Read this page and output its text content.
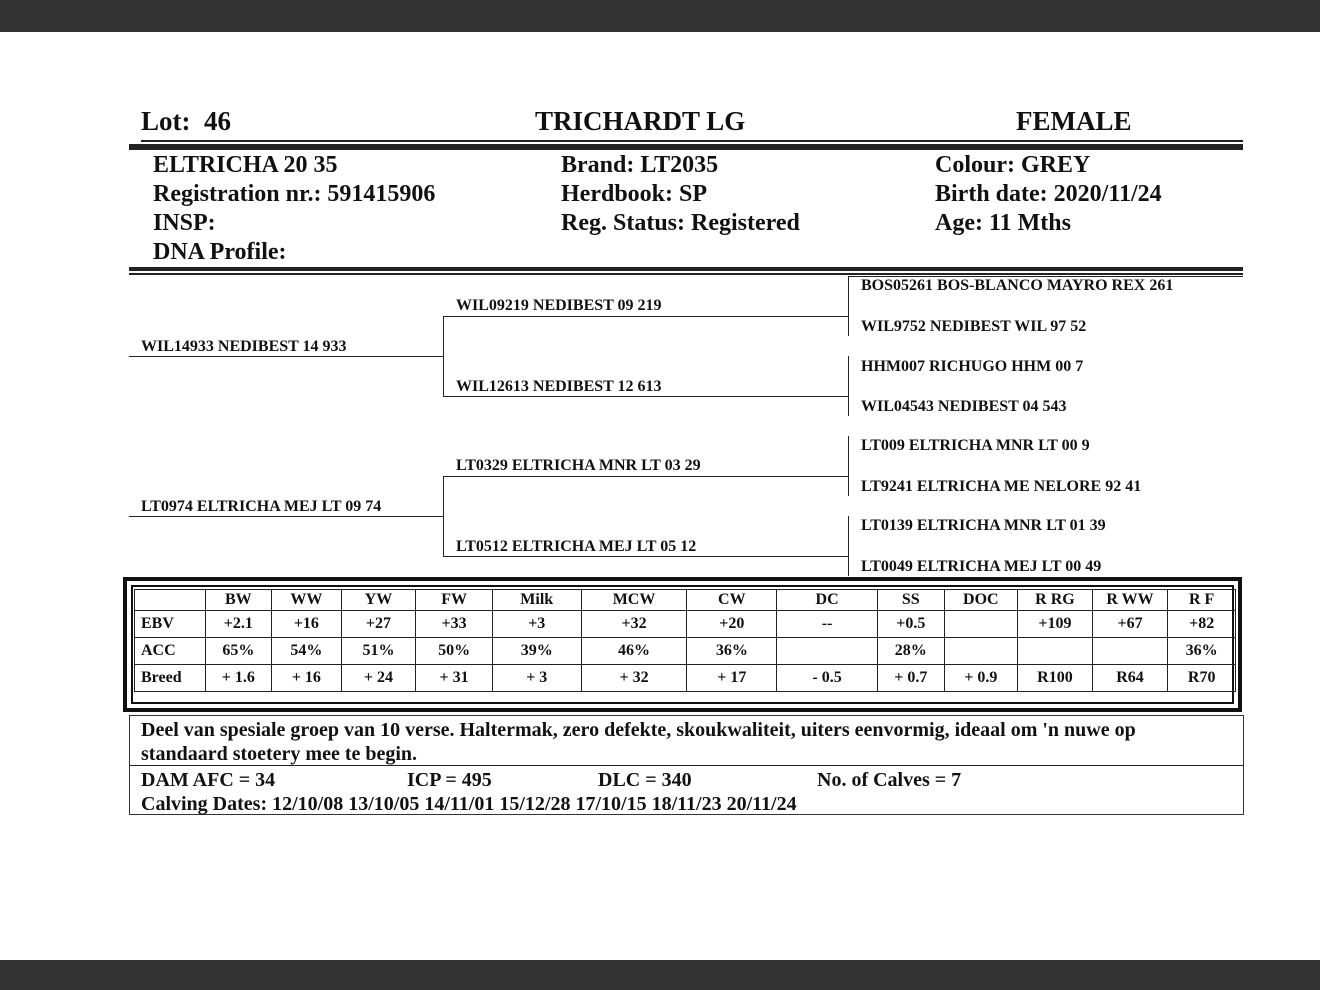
Lot: 46	TRICHARDT LG	FEMALE
ELTRICHA 20 35
Registration nr.: 591415906
INSP:
DNA Profile:
Brand: LT2035
Herdbook: SP
Reg. Status: Registered
Colour: GREY
Birth date: 2020/11/24
Age: 11 Mths
WIL14933 NEDIBEST 14 933
LT0974 ELTRICHA MEJ LT 09 74
WIL09219 NEDIBEST 09 219
WIL12613 NEDIBEST 12 613
LT0329 ELTRICHA MNR LT 03 29
LT0512 ELTRICHA MEJ LT 05 12
BOS05261 BOS-BLANCO MAYRO REX 261
WIL9752 NEDIBEST WIL 97 52
HHM007 RICHUGO HHM 00 7
WIL04543 NEDIBEST 04 543
LT009 ELTRICHA MNR LT 00 9
LT9241 ELTRICHA ME NELORE 92 41
LT0139 ELTRICHA MNR LT 01 39
LT0049 ELTRICHA MEJ LT 00 49
	BW	WW	YW	FW	Milk	MCW	CW	DC	SS	DOC	R RG	R WW	R F
EBV	+2.1	+16	+27	+33	+3	+32	+20	--	+0.5		+109	+67	+82
ACC	65%	54%	51%	50%	39%	46%	36%		28%				36%
Breed	+ 1.6	+ 16	+ 24	+ 31	+ 3	+ 32	+ 17	- 0.5	+ 0.7	+ 0.9	R100	R64	R70
Deel van spesiale groep van 10 verse. Haltermak, zero defekte, skoukwaliteit, uiters eenvormig, ideaal om 'n nuwe op
standaard stoetery mee te begin.
DAM AFC = 34	ICP = 495	DLC = 340	No. of Calves = 7
Calving Dates: 12/10/08 13/10/05 14/11/01 15/12/28 17/10/15 18/11/23 20/11/24
